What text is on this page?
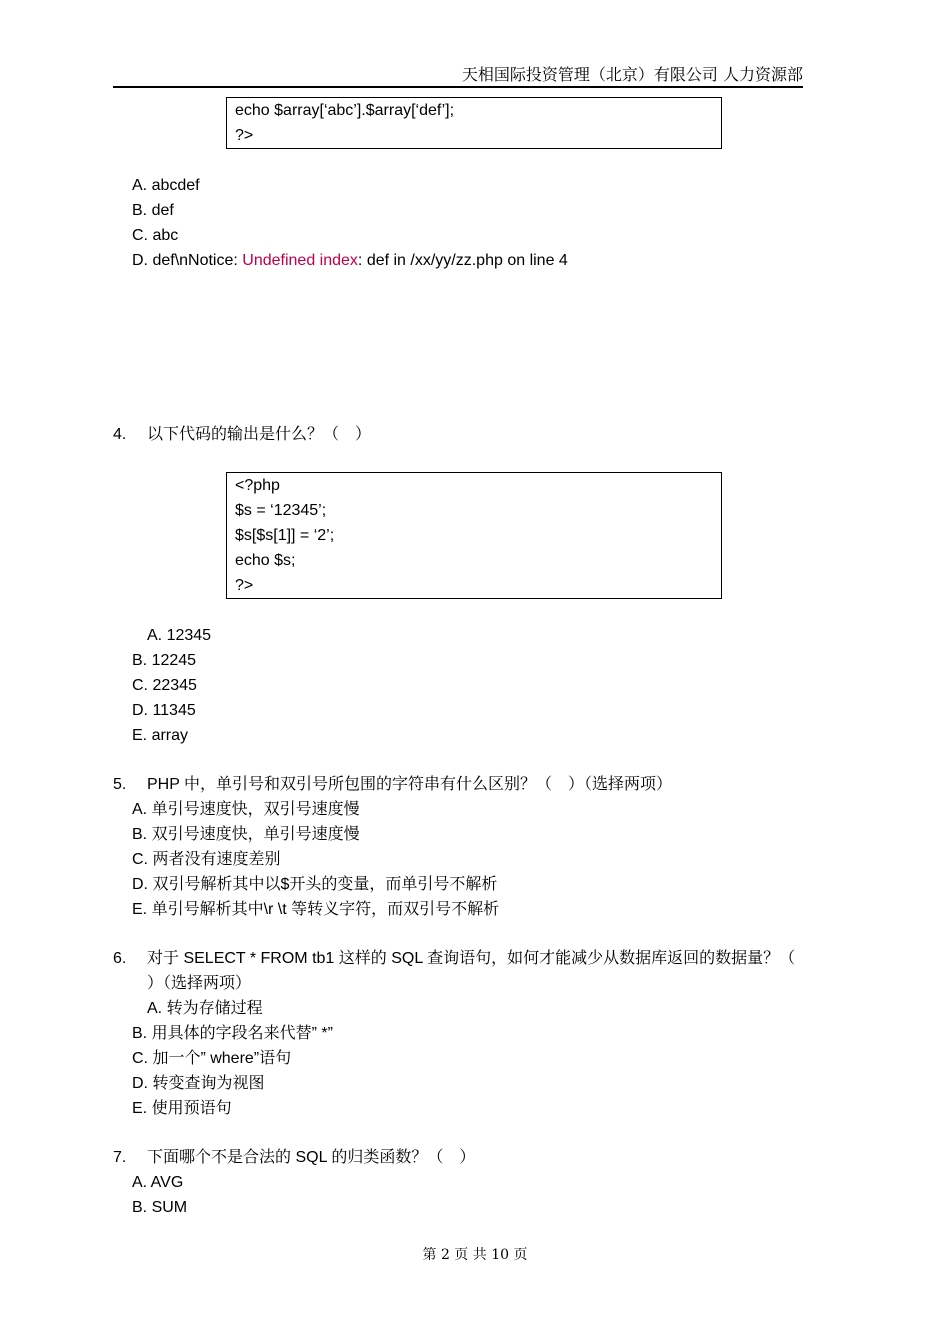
天相国际投资管理（北京）有限公司 人力资源部
echo $array[‘abc’].$array[‘def’];
?>
A. abcdef
B. def
C. abc
D. def\nNotice: Undefined index: def in /xx/yy/zz.php on line 4
4. 以下代码的输出是什么？（　）
<?php
$s = ‘12345’;
$s[$s[1]] = ‘2’;
echo $s;
?>
A. 12345
B. 12245
C. 22345
D. 11345
E. array
5. PHP 中，单引号和双引号所包围的字符串有什么区别？（　）（选择两项）
A. 单引号速度快，双引号速度慢
B. 双引号速度快，单引号速度慢
C. 两者没有速度差别
D. 双引号解析其中以$开头的变量，而单引号不解析
E. 单引号解析其中\r \t 等转义字符，而双引号不解析
6. 对于 SELECT * FROM tb1 这样的 SQL 查询语句，如何才能减少从数据库返回的数据量？（
）（选择两项）
A. 转为存储过程
B. 用具体的字段名来代替” *”
C. 加一个” where”语句
D. 转变查询为视图
E. 使用预语句
7. 下面哪个不是合法的 SQL 的归类函数？（　）
A. AVG
B. SUM
第 2 页 共 10 页
